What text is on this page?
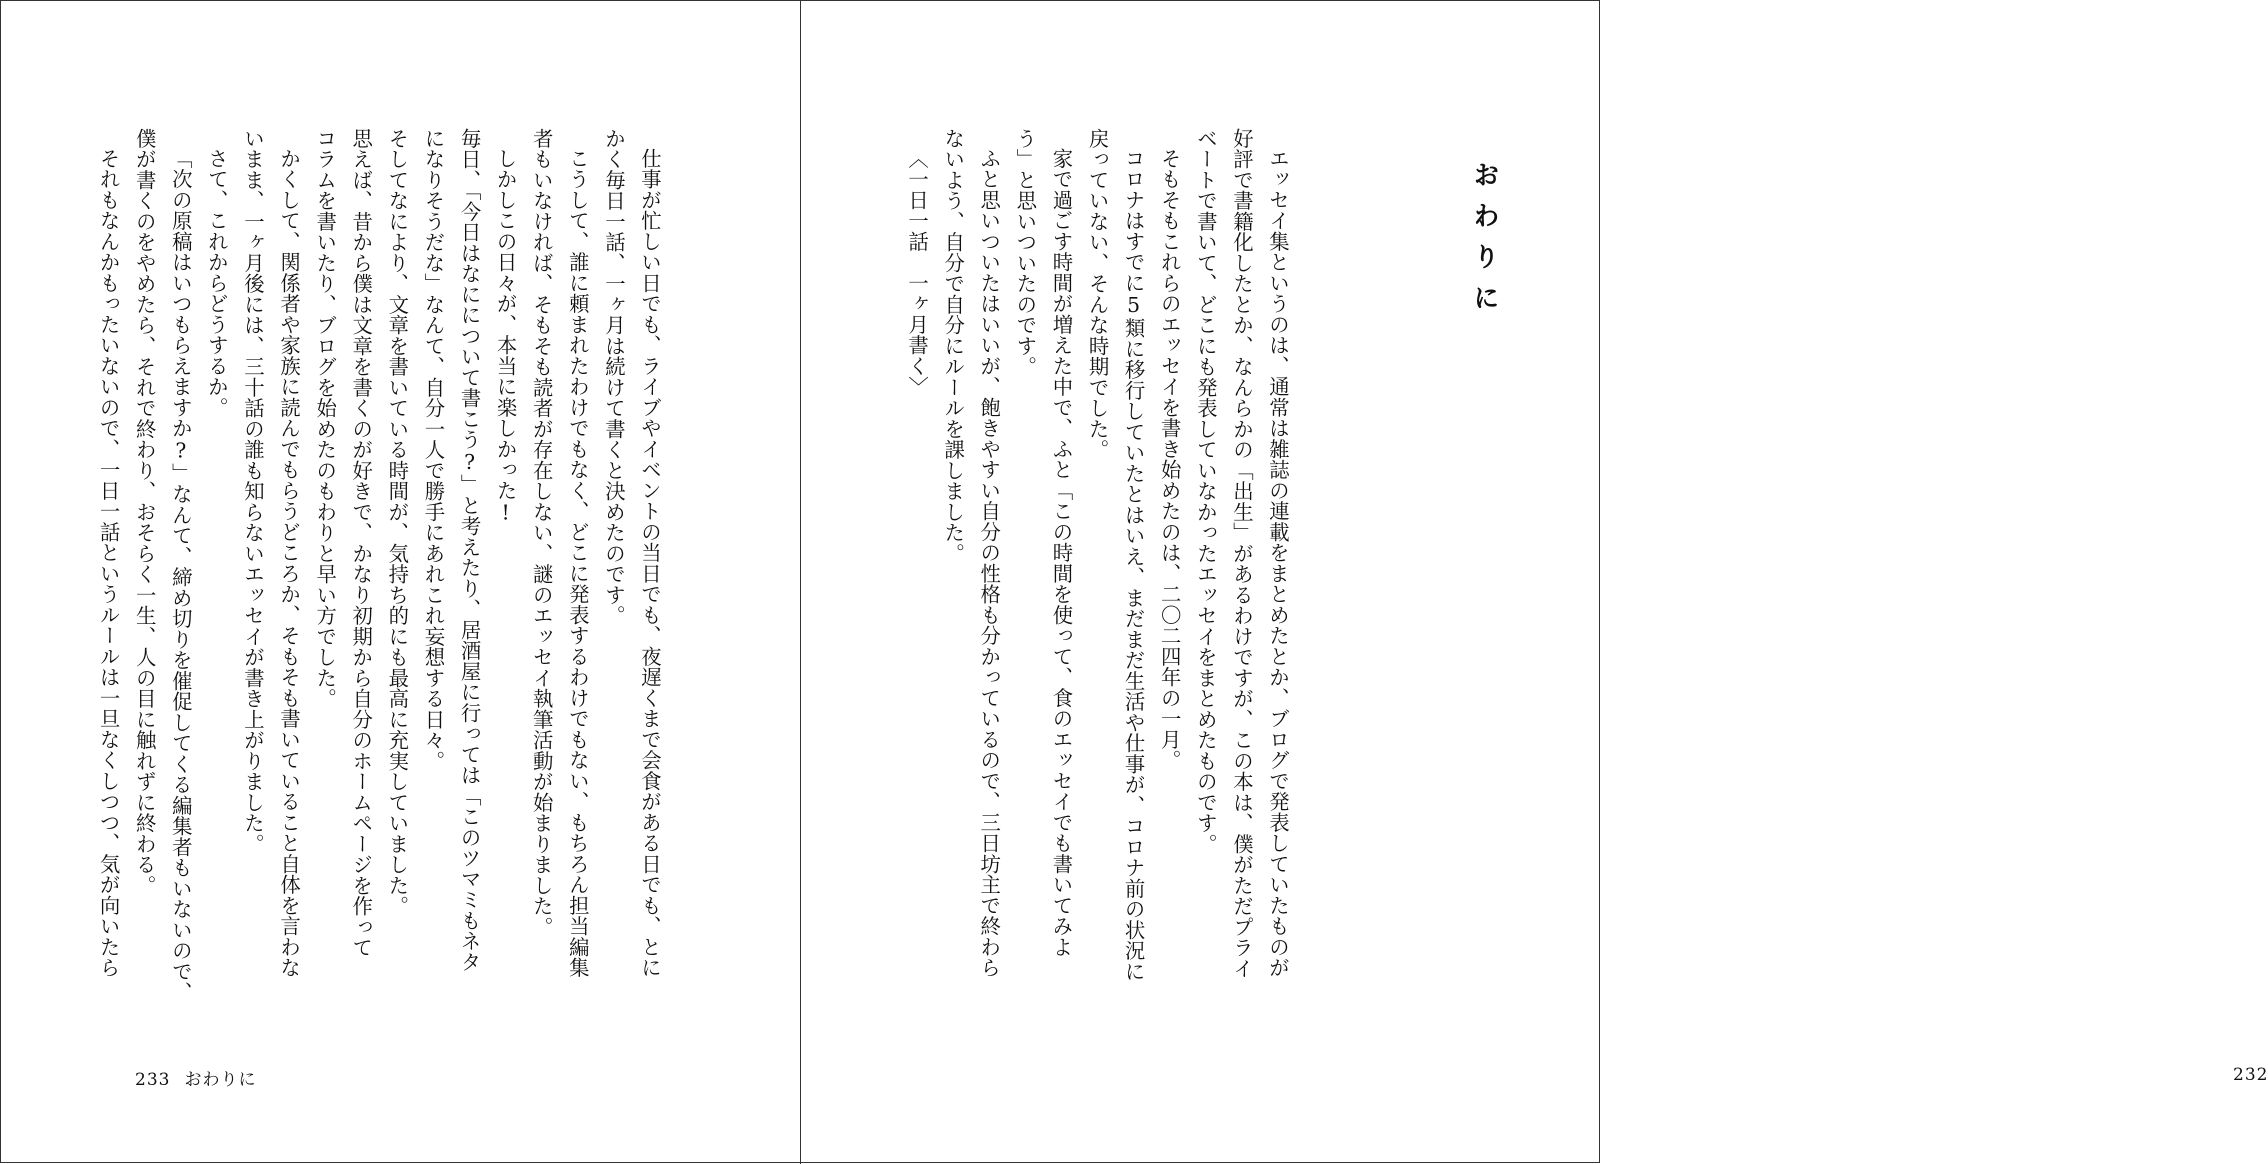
仕事が忙しい日でも、ライブやイベントの当日でも、夜遅くまで会食がある日でも、とに

かく毎日一話、一ヶ月は続けて書くと決めたのです。

こうして、誰に頼まれたわけでもなく、どこに発表するわけでもない、もちろん担当編集

者もいなければ、そもそも読者が存在しない、謎のエッセイ執筆活動が始まりました。

しかしこの日々が、本当に楽しかった!

毎日、「今日はなにについて書こう?」と考えたり、居酒屋に行っては「このツマミもネタ

になりそうだな」なんて、自分一人で勝手にあれこれ妄想する日々。

そしてなにより、文章を書いている時間が、気持ち的にも最高に充実していました。

思えば、昔から僕は文章を書くのが好きで、かなり初期から自分のホームページを作って

コラムを書いたり、ブログを始めたのもわりと早い方でした。

かくして、関係者や家族に読んでもらうどころか、そもそも書いていること自体を言わな

いまま、一ヶ月後には、三十話の誰も知らないエッセイが書き上がりました。

さて、これからどうするか。

「次の原稿はいつもらえますか?」なんて、締め切りを催促してくる編集者もいないので、

僕が書くのをやめたら、それで終わり、おそらく一生、人の目に触れずに終わる。

それもなんかもったいないので、一日一話というルールは一旦なくしつつ、気が向いたら

233 おわりに

おわりに

エッセイ集というのは、通常は雑誌の連載をまとめたとか、ブログで発表していたものが

好評で書籍化したとか、なんらかの「出生」があるわけですが、この本は、僕がただプライ

ベートで書いて、どこにも発表していなかったエッセイをまとめたものです。

そもそもこれらのエッセイを書き始めたのは、二〇二四年の一月。

コロナはすでに5類に移行していたとはいえ、まだまだ生活や仕事が、コロナ前の状況に

戻っていない、そんな時期でした。

家で過ごす時間が増えた中で、ふと「この時間を使って、食のエッセイでも書いてみよ

う」と思いついたのです。

ふと思いついたはいいが、飽きやすい自分の性格も分かっているので、三日坊主で終わら

ないよう、自分で自分にルールを課しました。

〈一日一話　一ヶ月書く〉

232
